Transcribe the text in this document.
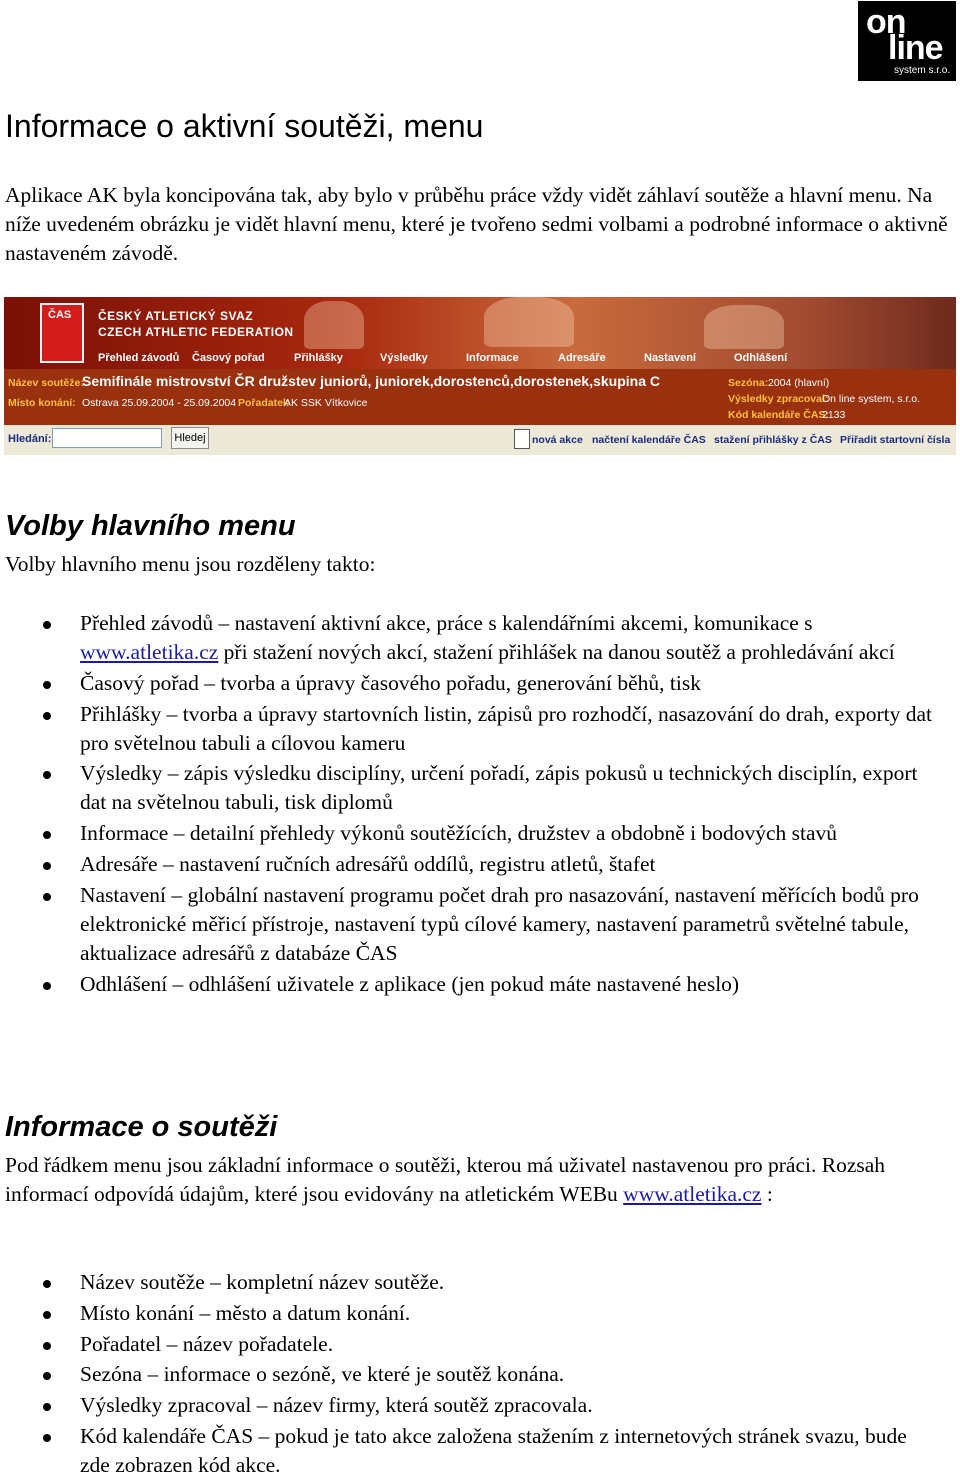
on
line
system s.r.o.
Informace o aktivní soutěži, menu

Aplikace AK byla koncipována tak, aby bylo v průběhu práce vždy vidět záhlaví soutěže a hlavní menu. Na níže uvedeném obrázku je vidět hlavní menu, které je tvořeno sedmi volbami a podrobné informace o aktivně nastaveném závodě.

ČAS ČESKÝ ATLETICKÝ SVAZ
CZECH ATHLETIC FEDERATION
Přehled závodů Časový pořad	Přihlášky	Výsledky	Informace	Adresáře	Nastavení	Odhlášení
Název soutěže:
Semifinále mistrovství ČR družstev juniorů, juniorek,dorostenců,dorostenek,skupina C
Místo konání: Ostrava 25.09.2004 - 25.09.2004 Pořadatel:
AK SSK Vítkovice
Sezóna: 2004 (hlavní)
Výsledky zpracoval:
On line system, s.r.o.
Kód kalendáře ČAS:
2133
Hledání:	Hledej	nová akce načtení kalendáře ČAS stažení přihlášky z ČAS Přiřadit startovní čísla
Volby hlavního menu

Volby hlavního menu jsou rozděleny takto:

Přehled závodů – nastavení aktivní akce, práce s kalendářními akcemi, komunikace s www.atletika.cz při stažení nových akcí, stažení přihlášek na danou soutěž a prohledávání akcí
Časový pořad – tvorba a úpravy časového pořadu, generování běhů, tisk
Přihlášky – tvorba a úpravy startovních listin, zápisů pro rozhodčí, nasazování do drah, exporty dat pro světelnou tabuli a cílovou kameru
Výsledky – zápis výsledku disciplíny, určení pořadí, zápis pokusů u technických disciplín, export dat na světelnou tabuli, tisk diplomů
Informace – detailní přehledy výkonů soutěžících, družstev a obdobně i bodových stavů
Adresáře – nastavení ručních adresářů oddílů, registru atletů, štafet
Nastavení – globální nastavení programu počet drah pro nasazování, nastavení měřících bodů pro elektronické měřicí přístroje, nastavení typů cílové kamery, nastavení parametrů světelné tabule, aktualizace adresářů z databáze ČAS
Odhlášení – odhlášení uživatele z aplikace (jen pokud máte nastavené heslo)
Informace o soutěži

Pod řádkem menu jsou základní informace o soutěži, kterou má uživatel nastavenou pro práci. Rozsah informací odpovídá údajům, které jsou evidovány na atletickém WEBu www.atletika.cz :

Název soutěže – kompletní název soutěže.
Místo konání – město a datum konání.
Pořadatel – název pořadatele.
Sezóna – informace o sezóně, ve které je soutěž konána.
Výsledky zpracoval – název firmy, která soutěž zpracovala.
Kód kalendáře ČAS – pokud je tato akce založena stažením z internetových stránek svazu, bude zde zobrazen kód akce.
